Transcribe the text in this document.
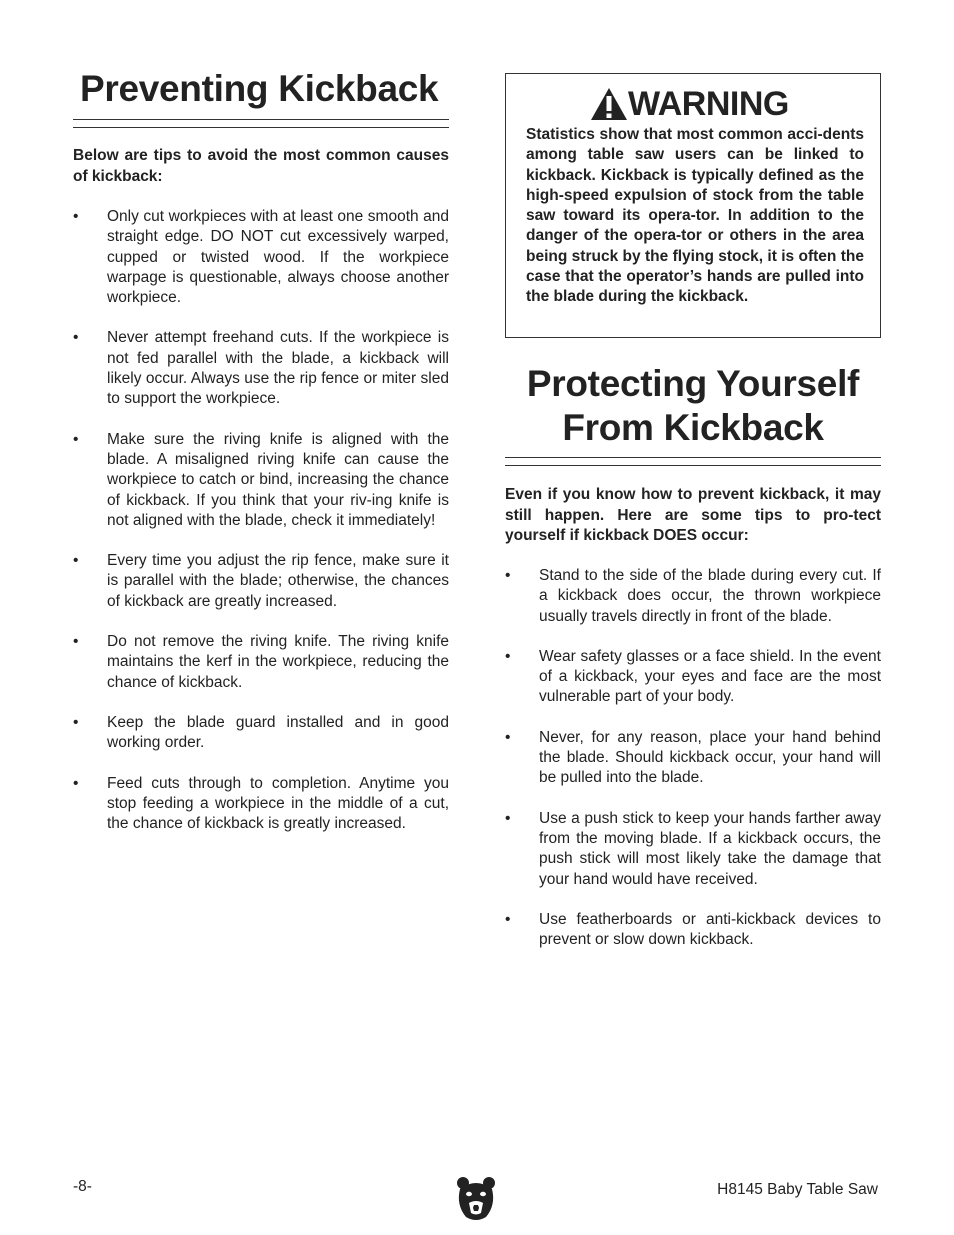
Preventing Kickback
Below are tips to avoid the most common causes of kickback:
• Only cut workpieces with at least one smooth and straight edge. DO NOT cut excessively warped, cupped or twisted wood. If the workpiece warpage is questionable, always choose another workpiece.
• Never attempt freehand cuts. If the workpiece is not fed parallel with the blade, a kickback will likely occur. Always use the rip fence or miter sled to support the workpiece.
• Make sure the riving knife is aligned with the blade. A misaligned riving knife can cause the workpiece to catch or bind, increasing the chance of kickback. If you think that your riv-ing knife is not aligned with the blade, check it immediately!
• Every time you adjust the rip fence, make sure it is parallel with the blade; otherwise, the chances of kickback are greatly increased.
• Do not remove the riving knife. The riving knife maintains the kerf in the workpiece, reducing the chance of kickback.
• Keep the blade guard installed and in good working order.
• Feed cuts through to completion. Anytime you stop feeding a workpiece in the middle of a cut, the chance of kickback is greatly increased.
WARNING
Statistics show that most common acci-dents among table saw users can be linked to kickback. Kickback is typically defined as the high-speed expulsion of stock from the table saw toward its opera-tor. In addition to the danger of the opera-tor or others in the area being struck by the flying stock, it is often the case that the operator’s hands are pulled into the blade during the kickback.
Protecting Yourself
From Kickback
Even if you know how to prevent kickback, it may still happen. Here are some tips to pro-tect yourself if kickback DOES occur:
• Stand to the side of the blade during every cut. If a kickback does occur, the thrown workpiece usually travels directly in front of the blade.
• Wear safety glasses or a face shield. In the event of a kickback, your eyes and face are the most vulnerable part of your body.
• Never, for any reason, place your hand behind the blade. Should kickback occur, your hand will be pulled into the blade.
• Use a push stick to keep your hands farther away from the moving blade. If a kickback occurs, the push stick will most likely take the damage that your hand would have received.
• Use featherboards or anti-kickback devices to prevent or slow down kickback.
-8-	H8145 Baby Table Saw
